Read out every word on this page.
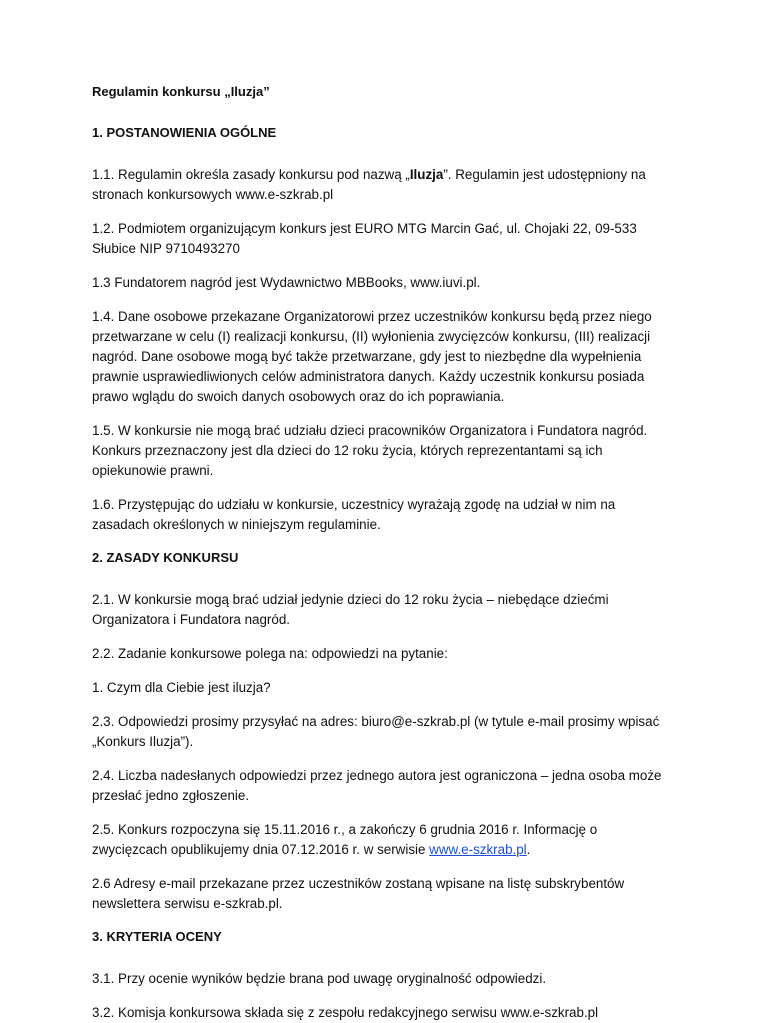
Regulamin konkursu „Iluzja”
1. POSTANOWIENIA OGÓLNE

1.1. Regulamin określa zasady konkursu pod nazwą „Iluzja”. Regulamin jest udostępniony na stronach konkursowych www.e-szkrab.pl

1.2. Podmiotem organizującym konkurs jest EURO MTG Marcin Gać, ul. Chojaki 22, 09-533 Słubice NIP 9710493270

1.3 Fundatorem nagród jest Wydawnictwo MBBooks, www.iuvi.pl.

1.4. Dane osobowe przekazane Organizatorowi przez uczestników konkursu będą przez niego przetwarzane w celu (I) realizacji konkursu, (II) wyłonienia zwycięzców konkursu, (III) realizacji nagród. Dane osobowe mogą być także przetwarzane, gdy jest to niezbędne dla wypełnienia prawnie usprawiedliwionych celów administratora danych. Każdy uczestnik konkursu posiada prawo wglądu do swoich danych osobowych oraz do ich poprawiania.

1.5. W konkursie nie mogą brać udziału dzieci pracowników Organizatora i Fundatora nagród. Konkurs przeznaczony jest dla dzieci do 12 roku życia, których reprezentantami są ich opiekunowie prawni.

1.6. Przystępując do udziału w konkursie, uczestnicy wyrażają zgodę na udział w nim na zasadach określonych w niniejszym regulaminie.

2. ZASADY KONKURSU

2.1. W konkursie mogą brać udział jedynie dzieci do 12 roku życia – niebędące dziećmi Organizatora i Fundatora nagród.

2.2. Zadanie konkursowe polega na: odpowiedzi na pytanie:

1. Czym dla Ciebie jest iluzja?

2.3. Odpowiedzi prosimy przysyłać na adres: biuro@e-szkrab.pl (w tytule e-mail prosimy wpisać „Konkurs Iluzja”).

2.4. Liczba nadesłanych odpowiedzi przez jednego autora jest ograniczona – jedna osoba może przesłać jedno zgłoszenie.

2.5. Konkurs rozpoczyna się 15.11.2016 r., a zakończy 6 grudnia 2016 r. Informację o zwycięzcach opublikujemy dnia 07.12.2016 r. w serwisie www.e-szkrab.pl.

2.6 Adresy e-mail przekazane przez uczestników zostaną wpisane na listę subskrybentów newslettera serwisu e-szkrab.pl.

3. KRYTERIA OCENY

3.1. Przy ocenie wyników będzie brana pod uwagę oryginalność odpowiedzi.

3.2. Komisja konkursowa składa się z zespołu redakcyjnego serwisu www.e-szkrab.pl
